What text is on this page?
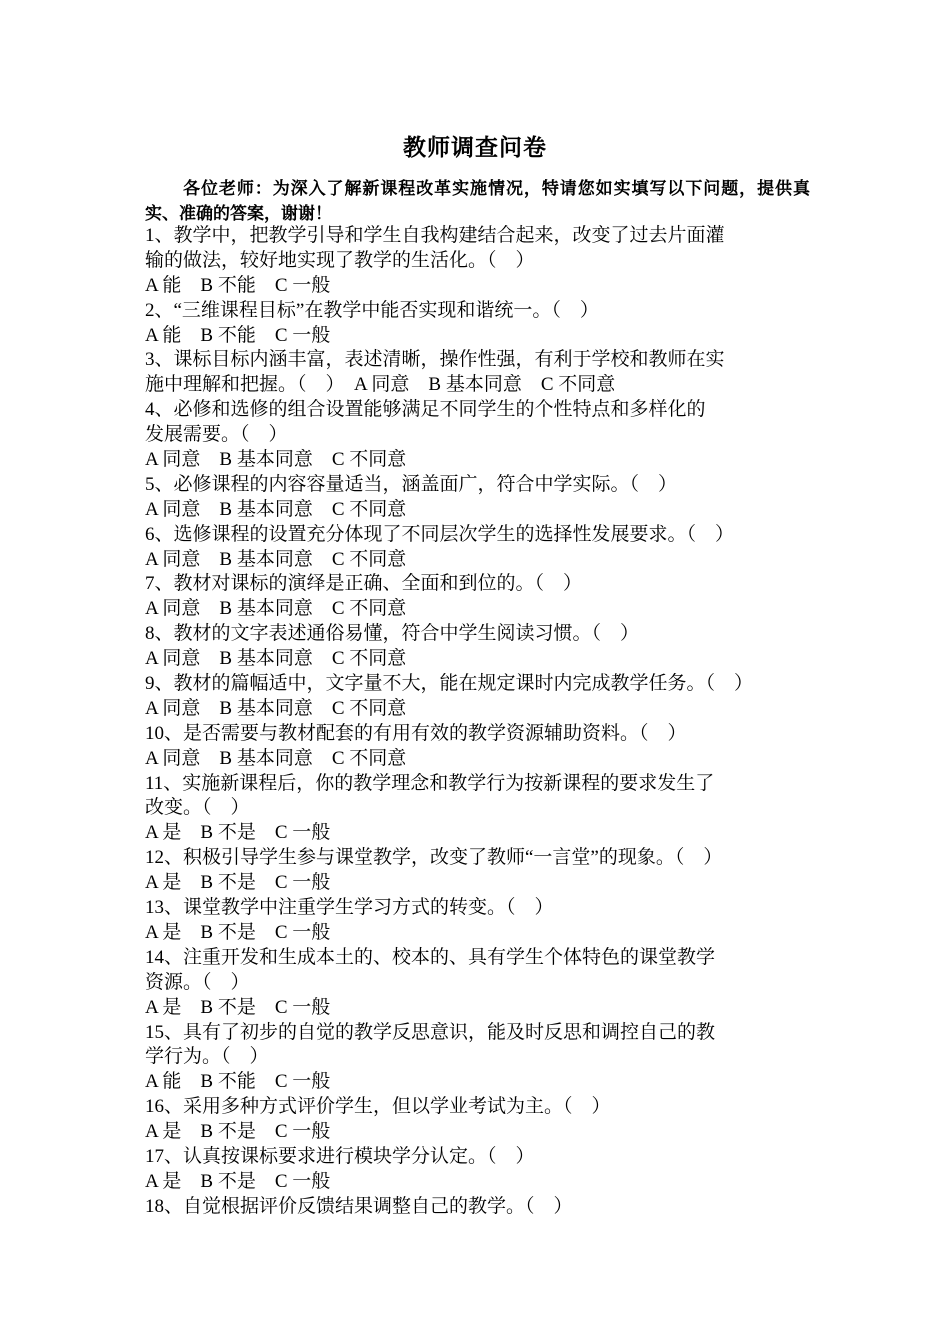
教师调查问卷
各位老师：为深入了解新课程改革实施情况，特请您如实填写以下问题，提供真实、准确的答案，谢谢！
1、教学中，把教学引导和学生自我构建结合起来，改变了过去片面灌
输的做法，较好地实现了教学的生活化。（　）
A 能　B 不能　C 一般
2、“三维课程目标”在教学中能否实现和谐统一。（　）
A 能　B 不能　C 一般
3、课标目标内涵丰富，表述清晰，操作性强，有利于学校和教师在实
施中理解和把握。（　）　A 同意　B 基本同意　C 不同意
4、必修和选修的组合设置能够满足不同学生的个性特点和多样化的
发展需要。（　）
A 同意　B 基本同意　C 不同意
5、必修课程的内容容量适当，涵盖面广，符合中学实际。（　）
A 同意　B 基本同意　C 不同意
6、选修课程的设置充分体现了不同层次学生的选择性发展要求。（　）
A 同意　B 基本同意　C 不同意
7、教材对课标的演绎是正确、全面和到位的。（　）
A 同意　B 基本同意　C 不同意
8、教材的文字表述通俗易懂，符合中学生阅读习惯。（　）
A 同意　B 基本同意　C 不同意
9、教材的篇幅适中，文字量不大，能在规定课时内完成教学任务。（　）
A 同意　B 基本同意　C 不同意
10、是否需要与教材配套的有用有效的教学资源辅助资料。（　）
A 同意　B 基本同意　C 不同意
11、实施新课程后，你的教学理念和教学行为按新课程的要求发生了
改变。（　）
A 是　B 不是　C 一般
12、积极引导学生参与课堂教学，改变了教师“一言堂”的现象。（　）
A 是　B 不是　C 一般
13、课堂教学中注重学生学习方式的转变。（　）
A 是　B 不是　C 一般
14、注重开发和生成本土的、校本的、具有学生个体特色的课堂教学
资源。（　）
A 是　B 不是　C 一般
15、具有了初步的自觉的教学反思意识，能及时反思和调控自己的教
学行为。（　）
A 能　B 不能　C 一般
16、采用多种方式评价学生，但以学业考试为主。（　）
A 是　B 不是　C 一般
17、认真按课标要求进行模块学分认定。（　）
A 是　B 不是　C 一般
18、自觉根据评价反馈结果调整自己的教学。（　）
